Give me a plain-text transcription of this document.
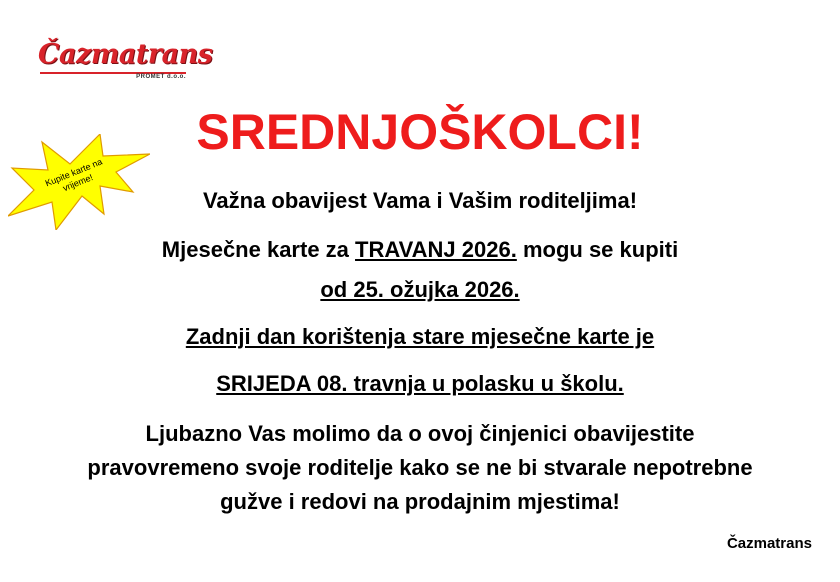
Čazmatrans
PROMET d.o.o.
Kupite karte na vrijeme!
SREDNJOŠKOLCI!
Važna obavijest Vama i Vašim roditeljima!
Mjesečne karte za TRAVANJ 2026. mogu se kupiti
od 25. ožujka 2026.
Zadnji dan korištenja stare mjesečne karte je
SRIJEDA 08. travnja u polasku u školu.
Ljubazno Vas molimo da o ovoj činjenici obavijestite
pravovremeno svoje roditelje kako se ne bi stvarale nepotrebne
gužve i redovi na prodajnim mjestima!
Čazmatrans
